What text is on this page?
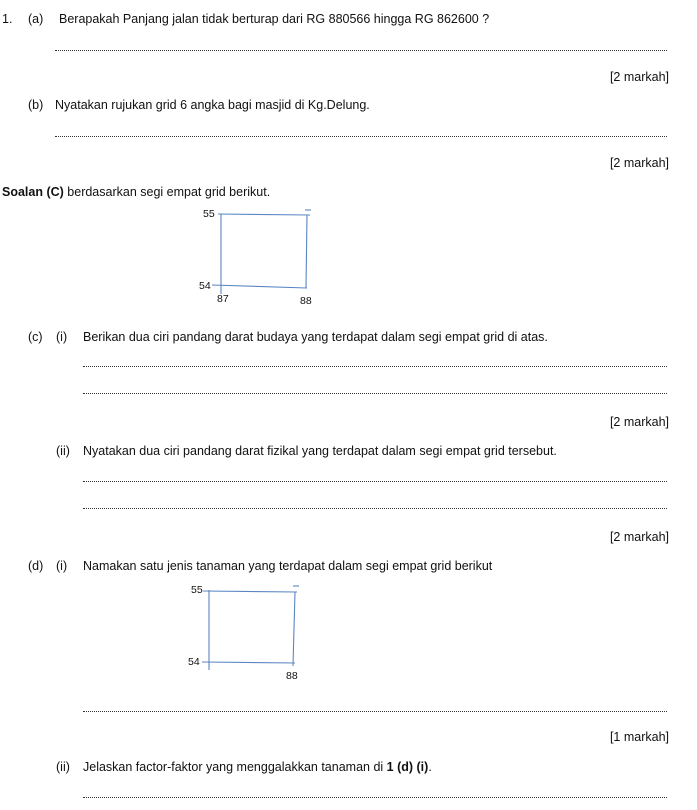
1. (a) Berapakah Panjang jalan tidak berturap dari RG 880566 hingga RG 862600 ?
[2 markah]
(b) Nyatakan rujukan grid 6 angka bagi masjid di Kg.Delung.
[2 markah]
Soalan (C) berdasarkan segi empat grid berikut.
55
54
87	88
(c) (i) Berikan dua ciri pandang darat budaya yang terdapat dalam segi empat grid di atas.
[2 markah]
(ii) Nyatakan dua ciri pandang darat fizikal yang terdapat dalam segi empat grid tersebut.
[2 markah]
(d) (i) Namakan satu jenis tanaman yang terdapat dalam segi empat grid berikut
55
54
88
[1 markah]
(ii) Jelaskan factor-faktor yang menggalakkan tanaman di 1 (d) (i).
